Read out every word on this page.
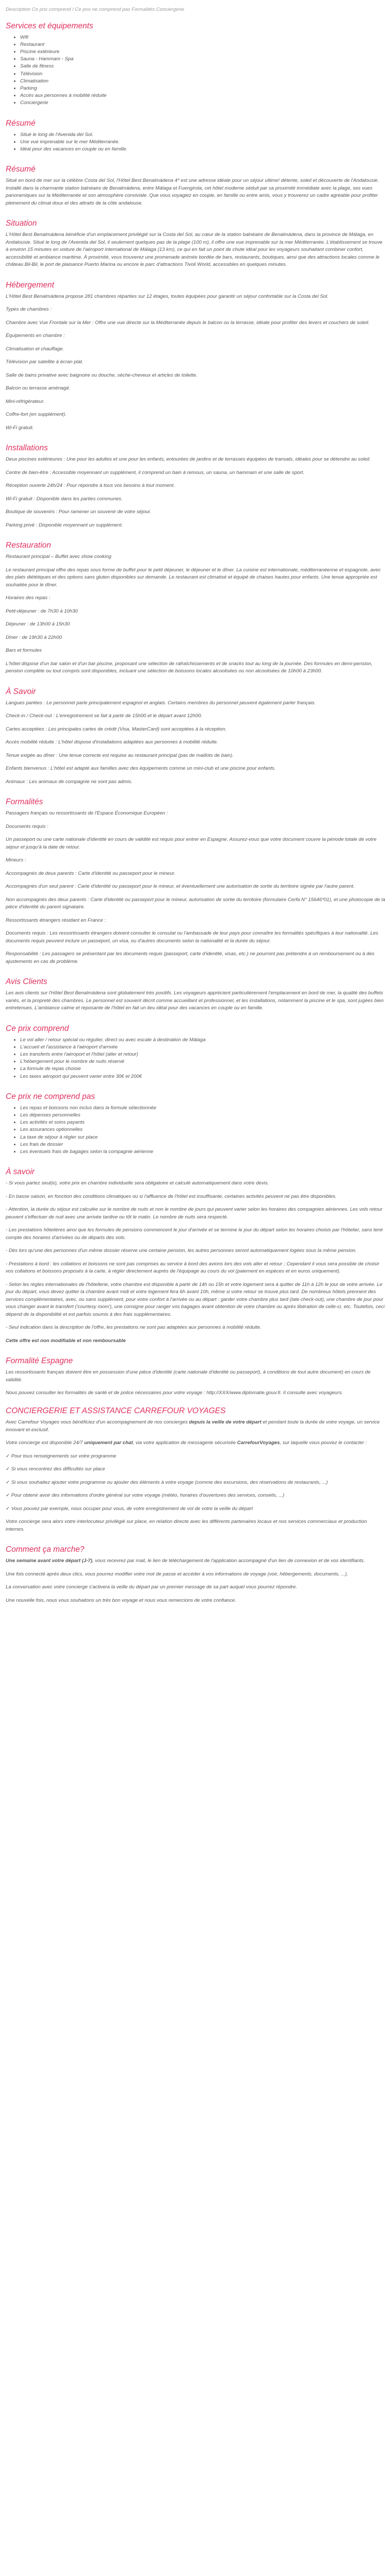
Description Ce prix comprend / Ce prix ne comprend pas Formalités Conciergerie
Services et équipements
• Wifi
• Restaurant
• Piscine extérieure
• Sauna - Hammam - Spa
• Salle de fitness
• Télévision
• Climatisation
• Parking
• Accès aux personnes à mobilité réduite
• Conciergerie
Résumé
• Situé le long de l'Avenida del Sol.
• Une vue imprenable sur le mer Méditerranée.
• Idéal pour des vacances en couple ou en famille.
Résumé

Situé en bord de mer sur la célèbre Costa del Sol, l'Hôtel Best Benalmádena 4* est une adresse idéale pour un séjour ultime! détente, soleil et découverte de l'Andalousie. Installé dans la charmante station balnéaire de Benalmádena, entre Málaga et Fuengirola, cet hôtel moderne séduit par sa proximité immédiate avec la plage, ses vues panoramiques sur la Méditerranée et son atmosphère conviviale. Que vous voyagiez en couple, en famille ou entre amis, vous y trouverez un cadre agréable pour profiter pleinement du climat doux et des attraits de la côte andalouse.

Situation

L'Hôtel Best Benalmádena bénéficie d'un emplacement privilégié sur la Costa del Sol, au cœur de la station balnéaire de Benalmádena, dans la province de Málaga, en Andalousie. Situé le long de l'Avenida del Sol, il seulement quelques pas de la plage (100 m), il offre une vue imprenable sur la mer Méditerranée. L'établissement se trouve à environ 15 minutes en voiture de l'aéroport international de Málaga (13 km), ce qui en fait un point de chute idéal pour les voyageurs souhaitant combiner confort, accessibilité et ambiance maritime. À proximité, vous trouverez une promenade animée bordée de bars, restaurants, boutiques, ainsi que des attractions locales comme le château Bil-Bil, le port de plaisance Puerto Marina ou encore le parc d'attractions Tivoli World, accessibles en quelques minutes.

Hébergement

L'Hôtel Best Benalmádena propose 281 chambres réparties sur 12 étages, toutes équipées pour garantir un séjour confortable sur la Costa del Sol.

Types de chambres :

Chambre avec Vue Frontale sur la Mer : Offre une vue directe sur la Méditerranée depuis le balcon ou la terrasse, idéale pour profiter des levers et couchers de soleil.

Équipements en chambre :

Climatisation et chauffage.

Télévision par satellite à écran plat.

Salle de bains privative avec baignoire ou douche, sèche-cheveux et articles de toilette.

Balcon ou terrasse aménagé.

Mini-réfrigérateur.

Coffre-fort (en supplément).

Wi-Fi gratuit.

Installations

Deux piscines extérieures : Une pour les adultes et une pour les enfants, entourées de jardins et de terrasses équipées de transats, idéales pour se détendre au soleil.

Centre de bien-être : Accessible moyennant un supplément, il comprend un bain à remous, un sauna, un hammam et une salle de sport.

Réception ouverte 24h/24 : Pour répondre à tous vos besoins à tout moment.

Wi-Fi gratuit : Disponible dans les parties communes.

Boutique de souvenirs : Pour ramener un souvenir de votre séjour.

Parking privé : Disponible moyennant un supplément.

Restauration

Restaurant principal – Buffet avec show cooking

Le restaurant principal offre des repas sous forme de buffet pour le petit déjeuner, le déjeuner et le dîner. La cuisine est internationale, méditerranéenne et espagnole, avec des plats diététiques et des options sans gluten disponibles sur demande. Le restaurant est climatisé et équipé de chaises hautes pour enfants. Une tenue appropriée est souhaitée pour le dîner.

Horaires des repas :

Petit-déjeuner : de 7h30 à 10h30

Déjeuner : de 13h00 à 15h30

Dîner : de 19h30 à 22h00

Bars et formules

L'hôtel dispose d'un bar salon et d'un bar piscine, proposant une sélection de rafraîchissements et de snacks tout au long de la journée. Des formules en demi-pension, pension complète ou tout compris sont disponibles, incluant une sélection de boissons locales alcoolisées ou non alcoolisées de 10h00 à 23h00.

À Savoir

Langues parlées : Le personnel parle principalement espagnol et anglais. Certains membres du personnel peuvent également parler français.

Check-in / Check-out : L'enregistrement se fait à partir de 15h00 et le départ avant 12h00.

Cartes acceptées : Les principales cartes de crédit (Visa, MasterCard) sont acceptées à la réception.

Accès mobilité réduite : L'hôtel dispose d'installations adaptées aux personnes à mobilité réduite.

Tenue exigée au dîner : Une tenue correcte est requise au restaurant principal (pas de maillots de bain).

Enfants bienvenus : L'hôtel est adapté aux familles avec des équipements comme un mini-club et une piscine pour enfants.

Animaux : Les animaux de compagnie ne sont pas admis.

Formalités

Passagers français ou ressortissants de l'Espace Économique Européen :

Documents requis :

Un passeport ou une carte nationale d'identité en cours de validité est requis pour entrer en Espagne. Assurez-vous que votre document couvre la période totale de votre séjour et jusqu'à la date de retour.

Mineurs :

Accompagnés de deux parents : Carte d'identité ou passeport pour le mineur.

Accompagnés d'un seul parent : Carte d'identité ou passeport pour le mineur, et éventuellement une autorisation de sortie du territoire signée par l'autre parent.

Non accompagnés des deux parents : Carte d'identité ou passeport pour le mineur, autorisation de sortie du territoire (formulaire Cerfa N° 15646*01), et une photocopie de la pièce d'identité du parent signataire.

Ressortissants étrangers résidant en France :

Documents requis : Les ressortissants étrangers doivent consulter le consulat ou l'ambassade de leur pays pour connaître les formalités spécifiques à leur nationalité. Les documents requis peuvent inclure un passeport, un visa, ou d'autres documents selon la nationalité et la durée du séjour.

Responsabilité : Les passagers se présentant par les documents requis (passeport, carte d'identité, visas, etc.) ne pourront pas prétendre à un remboursement ou à des ajustements en cas de problème.

Avis Clients

Les avis clients sur l'Hôtel Best Benalmádena sont globalement très positifs. Les voyageurs apprécient particulièrement l'emplacement en bord de mer, la qualité des buffets variés, et la propreté des chambres. Le personnel est souvent décrit comme accueillant et professionnel, et les installations, notamment la piscine et le spa, sont jugées bien entretenues. L'ambiance calme et reposante de l'hôtel en fait un lieu idéal pour des vacances en couple ou en famille.

Ce prix comprend
• Le vol aller / retour spécial ou régulier, direct ou avec escale à destination de Málaga
• L'accueil et l'assistance à l'aéroport d'arrivée
• Les transferts entre l'aéroport et l'hôtel (aller et retour)
• L'hébergement pour le nombre de nuits réservé
• La formule de repas choisie
• Les taxes aéroport qui peuvent varier entre 30€ et 200€
Ce prix ne comprend pas
• Les repas et boissons non inclus dans la formule sélectionnée
• Les dépenses personnelles
• Les activités et soins payants
• Les assurances optionnelles
• La taxe de séjour à régler sur place
• Les frais de dossier
• Les éventuels frais de bagages selon la compagnie aérienne
À savoir

- Si vous partez seul(e), votre prix en chambre individuelle sera obligatoire et calculé automatiquement dans votre devis.

- En basse saison, en fonction des conditions climatiques ou si l'affluence de l'hôtel est insuffisante, certaines activités peuvent ne pas être disponibles.

- Attention, la durée du séjour est calculée sur le nombre de nuits et non le nombre de jours qui peuvent varier selon les horaires des compagnies aériennes. Les vols retour peuvent s'effectuer de nuit avec une arrivée tardive ou tôt le matin. Le nombre de nuits sera respecté.

- Les prestations hôtelières ainsi que les formules de pensions commencent le jour d'arrivée et se termine le jour du départ selon les horaires choisis par l'hôtelier, sans tenir compte des horaires d'arrivées ou de départs des vols.

- Dès lors qu'une des personnes d'un même dossier réserve une certaine pension, les autres personnes seront automatiquement logées sous la même pension.

- Prestations à bord : les collations et boissons ne sont pas comprises au service à bord des avions lors des vols aller et retour ; Cependant il vous sera possible de choisir vos collations et boissons proposés à la carte, à régler directement auprès de l'équipage au cours du vol (paiement en espèces et en euros uniquement).

- Selon les règles internationales de l'hôtellerie, votre chambre est disponible à partir de 14h ou 15h et votre logement sera à quitter de 11h à 12h le jour de votre arrivée. Le jour du départ, vous devez quitter la chambre avant midi et votre logement fera 6h avant 10h, même si votre retour se trouve plus tard. De nombreux hôtels prennent des services complémentaires, avec, ou sans supplément, pour votre confort à l'arrivée ou au départ : garder votre chambre plus tard (late check-out), une chambre de jour pour vous changer avant le transfert ('courtesy room'), une consigne pour ranger vos bagages avant obtention de votre chambre ou après libération de celle-ci, etc. Toutefois, ceci dépend de la disponibilité et est parfois soumis à des frais supplémentaires.

- Seul indication dans la description de l'offre, les prestations ne sont pas adaptées aux personnes à mobilité réduite.

Cette offre est non modifiable et non remboursable

Formalité Espagne

Les ressortissants français doivent être en possession d'une pièce d'identité (carte nationale d'identité ou passeport), à conditions de tout autre document) en cours de validité.

Nous pouvez consulter les formalités de santé et de police nécessaires pour votre voyage : http://XXX/www.diplomatie.gouv.fr. Il consulte avec voyageurs.

CONCIERGERIE ET ASSISTANCE CARREFOUR VOYAGES

Avec Carrefour Voyages vous bénéficiez d'un accompagnement de nos concierges depuis la veille de votre départ et pendant toute la durée de votre voyage, un service innovant et exclusif.

Votre concierge est disponible 24/7 uniquement par chat, via votre application de messagerie sécurisée CarrefourVoyages, sur laquelle vous pouvez le contacter :

✓ Pour tous renseignements sur votre programme

✓ Si vous rencontrez des difficultés sur place

✓ Si vous souhaitez ajouter votre programme ou ajouter des éléments à votre voyage (comme des excursions, des réservations de restaurants, ...)

✓ Pour obtenir avoir des informations d'ordre général sur votre voyage (météo, horaires d'ouvertures des services, conseils, ...)

✓ Vous pouvez par exemple, nous occuper pour vous, de votre enregistrement de vol de votre la veille du départ

Votre concierge sera alors votre interlocuteur privilégié sur place, en relation directe avec les différents partenaires locaux et nos services commerciaux et production internes.

Comment ça marche?

Une semaine avant votre départ (J-7), vous recevrez par mail, le lien de téléchargement de l'application accompagné d'un lien de connexion et de vos identifiants.

Une fois connecté après deux clics, vous pourrez modifier votre mot de passe et accéder à vos informations de voyage (voir, hébergements, documents, ...).

La conversation avec votre concierge s'activera la veille du départ par un premier message de sa part auquel vous pourrez répondre.

Une nouvelle fois, nous vous souhaitons un très bon voyage et nous vous remercions de votre confiance.
